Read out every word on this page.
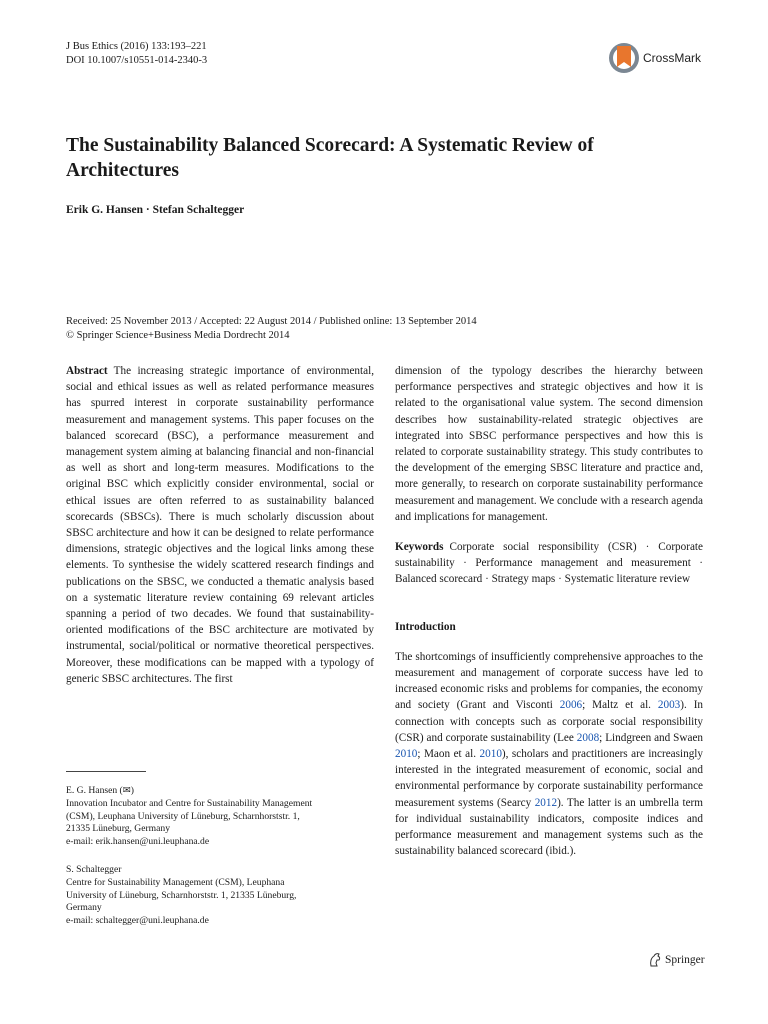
J Bus Ethics (2016) 133:193–221
DOI 10.1007/s10551-014-2340-3	CrossMark
The Sustainability Balanced Scorecard: A Systematic Review of Architectures
Erik G. Hansen · Stefan Schaltegger
Received: 25 November 2013 / Accepted: 22 August 2014 / Published online: 13 September 2014
© Springer Science+Business Media Dordrecht 2014

Abstract The increasing strategic importance of environmental, social and ethical issues as well as related performance measures has spurred interest in corporate sustainability performance measurement and management systems. This paper focuses on the balanced scorecard (BSC), a performance measurement and management system aiming at balancing financial and non-financial as well as short and long-term measures. Modifications to the original BSC which explicitly consider environmental, social or ethical issues are often referred to as sustainability balanced scorecards (SBSCs). There is much scholarly discussion about SBSC architecture and how it can be designed to relate performance dimensions, strategic objectives and the logical links among these elements. To synthesise the widely scattered research findings and publications on the SBSC, we conducted a thematic analysis based on a systematic literature review containing 69 relevant articles spanning a period of two decades. We found that sustainability-oriented modifications of the BSC architecture are motivated by instrumental, social/political or normative theoretical perspectives. Moreover, these modifications can be mapped with a typology of generic SBSC architectures. The first

E. G. Hansen (✉)
Innovation Incubator and Centre for Sustainability Management
(CSM), Leuphana University of Lüneburg, Scharnhorststr. 1,
21335 Lüneburg, Germany
e-mail: erik.hansen@uni.leuphana.de
S. Schaltegger
Centre for Sustainability Management (CSM), Leuphana
University of Lüneburg, Scharnhorststr. 1, 21335 Lüneburg,
Germany
e-mail: schaltegger@uni.leuphana.de

dimension of the typology describes the hierarchy between performance perspectives and strategic objectives and how it is related to the organisational value system. The second dimension describes how sustainability-related strategic objectives are integrated into SBSC performance perspectives and how this is related to corporate sustainability strategy. This study contributes to the development of the emerging SBSC literature and practice and, more generally, to research on corporate sustainability performance measurement and management. We conclude with a research agenda and implications for management.

Keywords Corporate social responsibility (CSR) · Corporate sustainability · Performance management and measurement · Balanced scorecard · Strategy maps · Systematic literature review

Introduction

The shortcomings of insufficiently comprehensive approaches to the measurement and management of corporate success have led to increased economic risks and problems for companies, the economy and society (Grant and Visconti 2006; Maltz et al. 2003). In connection with concepts such as corporate social responsibility (CSR) and corporate sustainability (Lee 2008; Lindgreen and Swaen 2010; Maon et al. 2010), scholars and practitioners are increasingly interested in the integrated measurement of economic, social and environmental performance by corporate sustainability performance measurement systems (Searcy 2012). The latter is an umbrella term for individual sustainability indicators, composite indices and performance measurement and management systems such as the sustainability balanced scorecard (ibid.).

Springer
